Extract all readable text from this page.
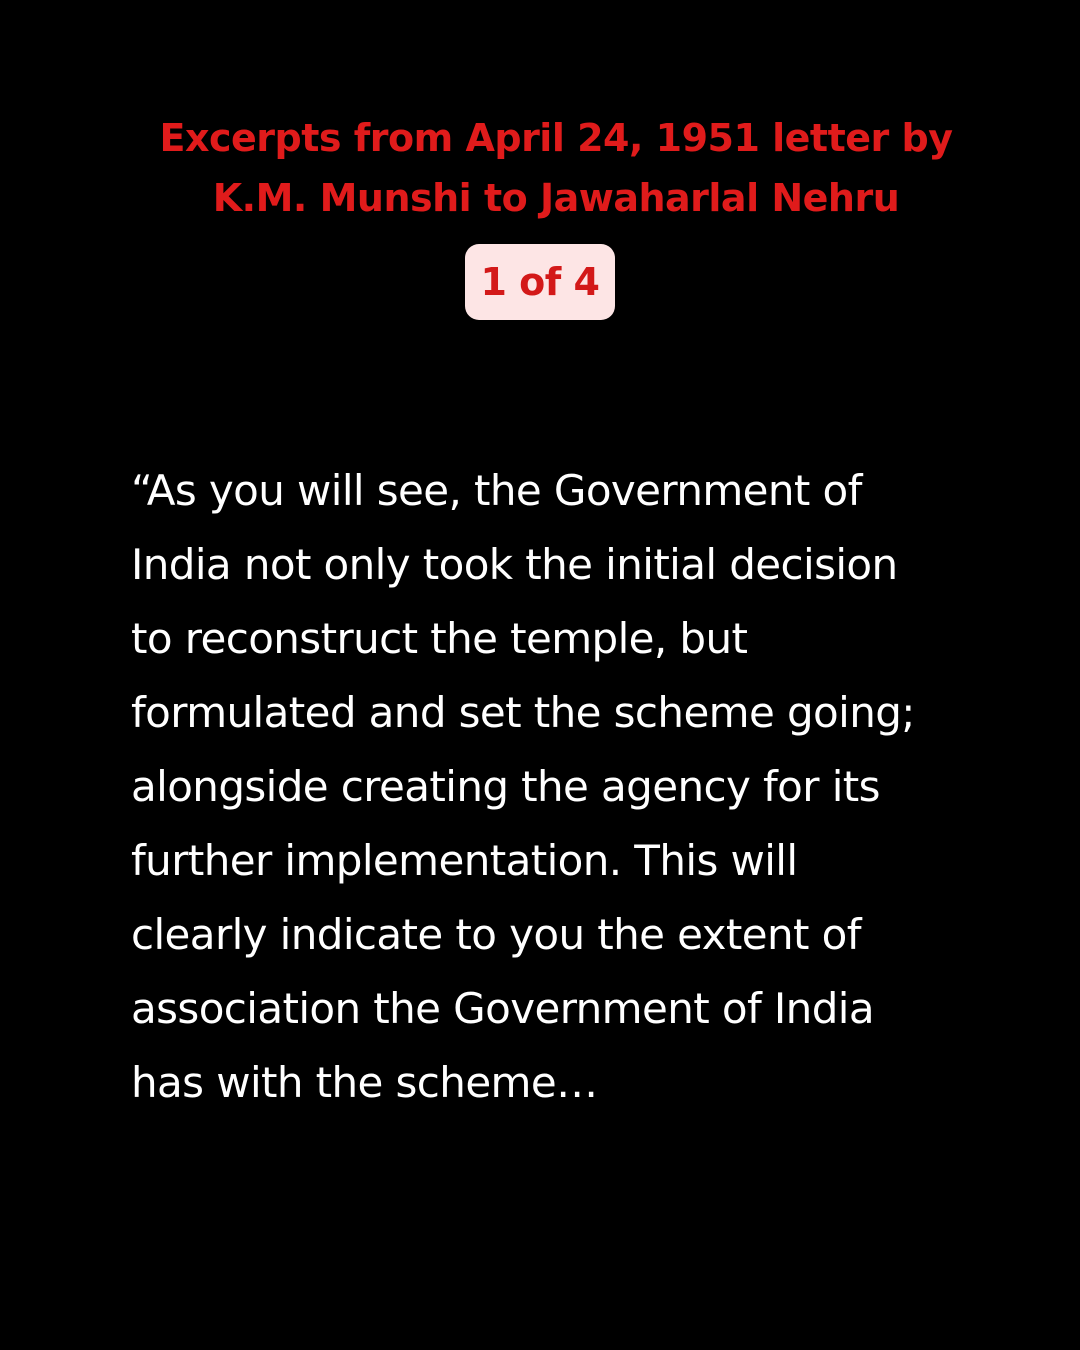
Excerpts from April 24, 1951 letter by
K.M. Munshi to Jawaharlal Nehru
1 of 4
“As you will see, the Government of
India not only took the initial decision
to reconstruct the temple, but
formulated and set the scheme going;
alongside creating the agency for its
further implementation. This will
clearly indicate to you the extent of
association the Government of India
has with the scheme…
